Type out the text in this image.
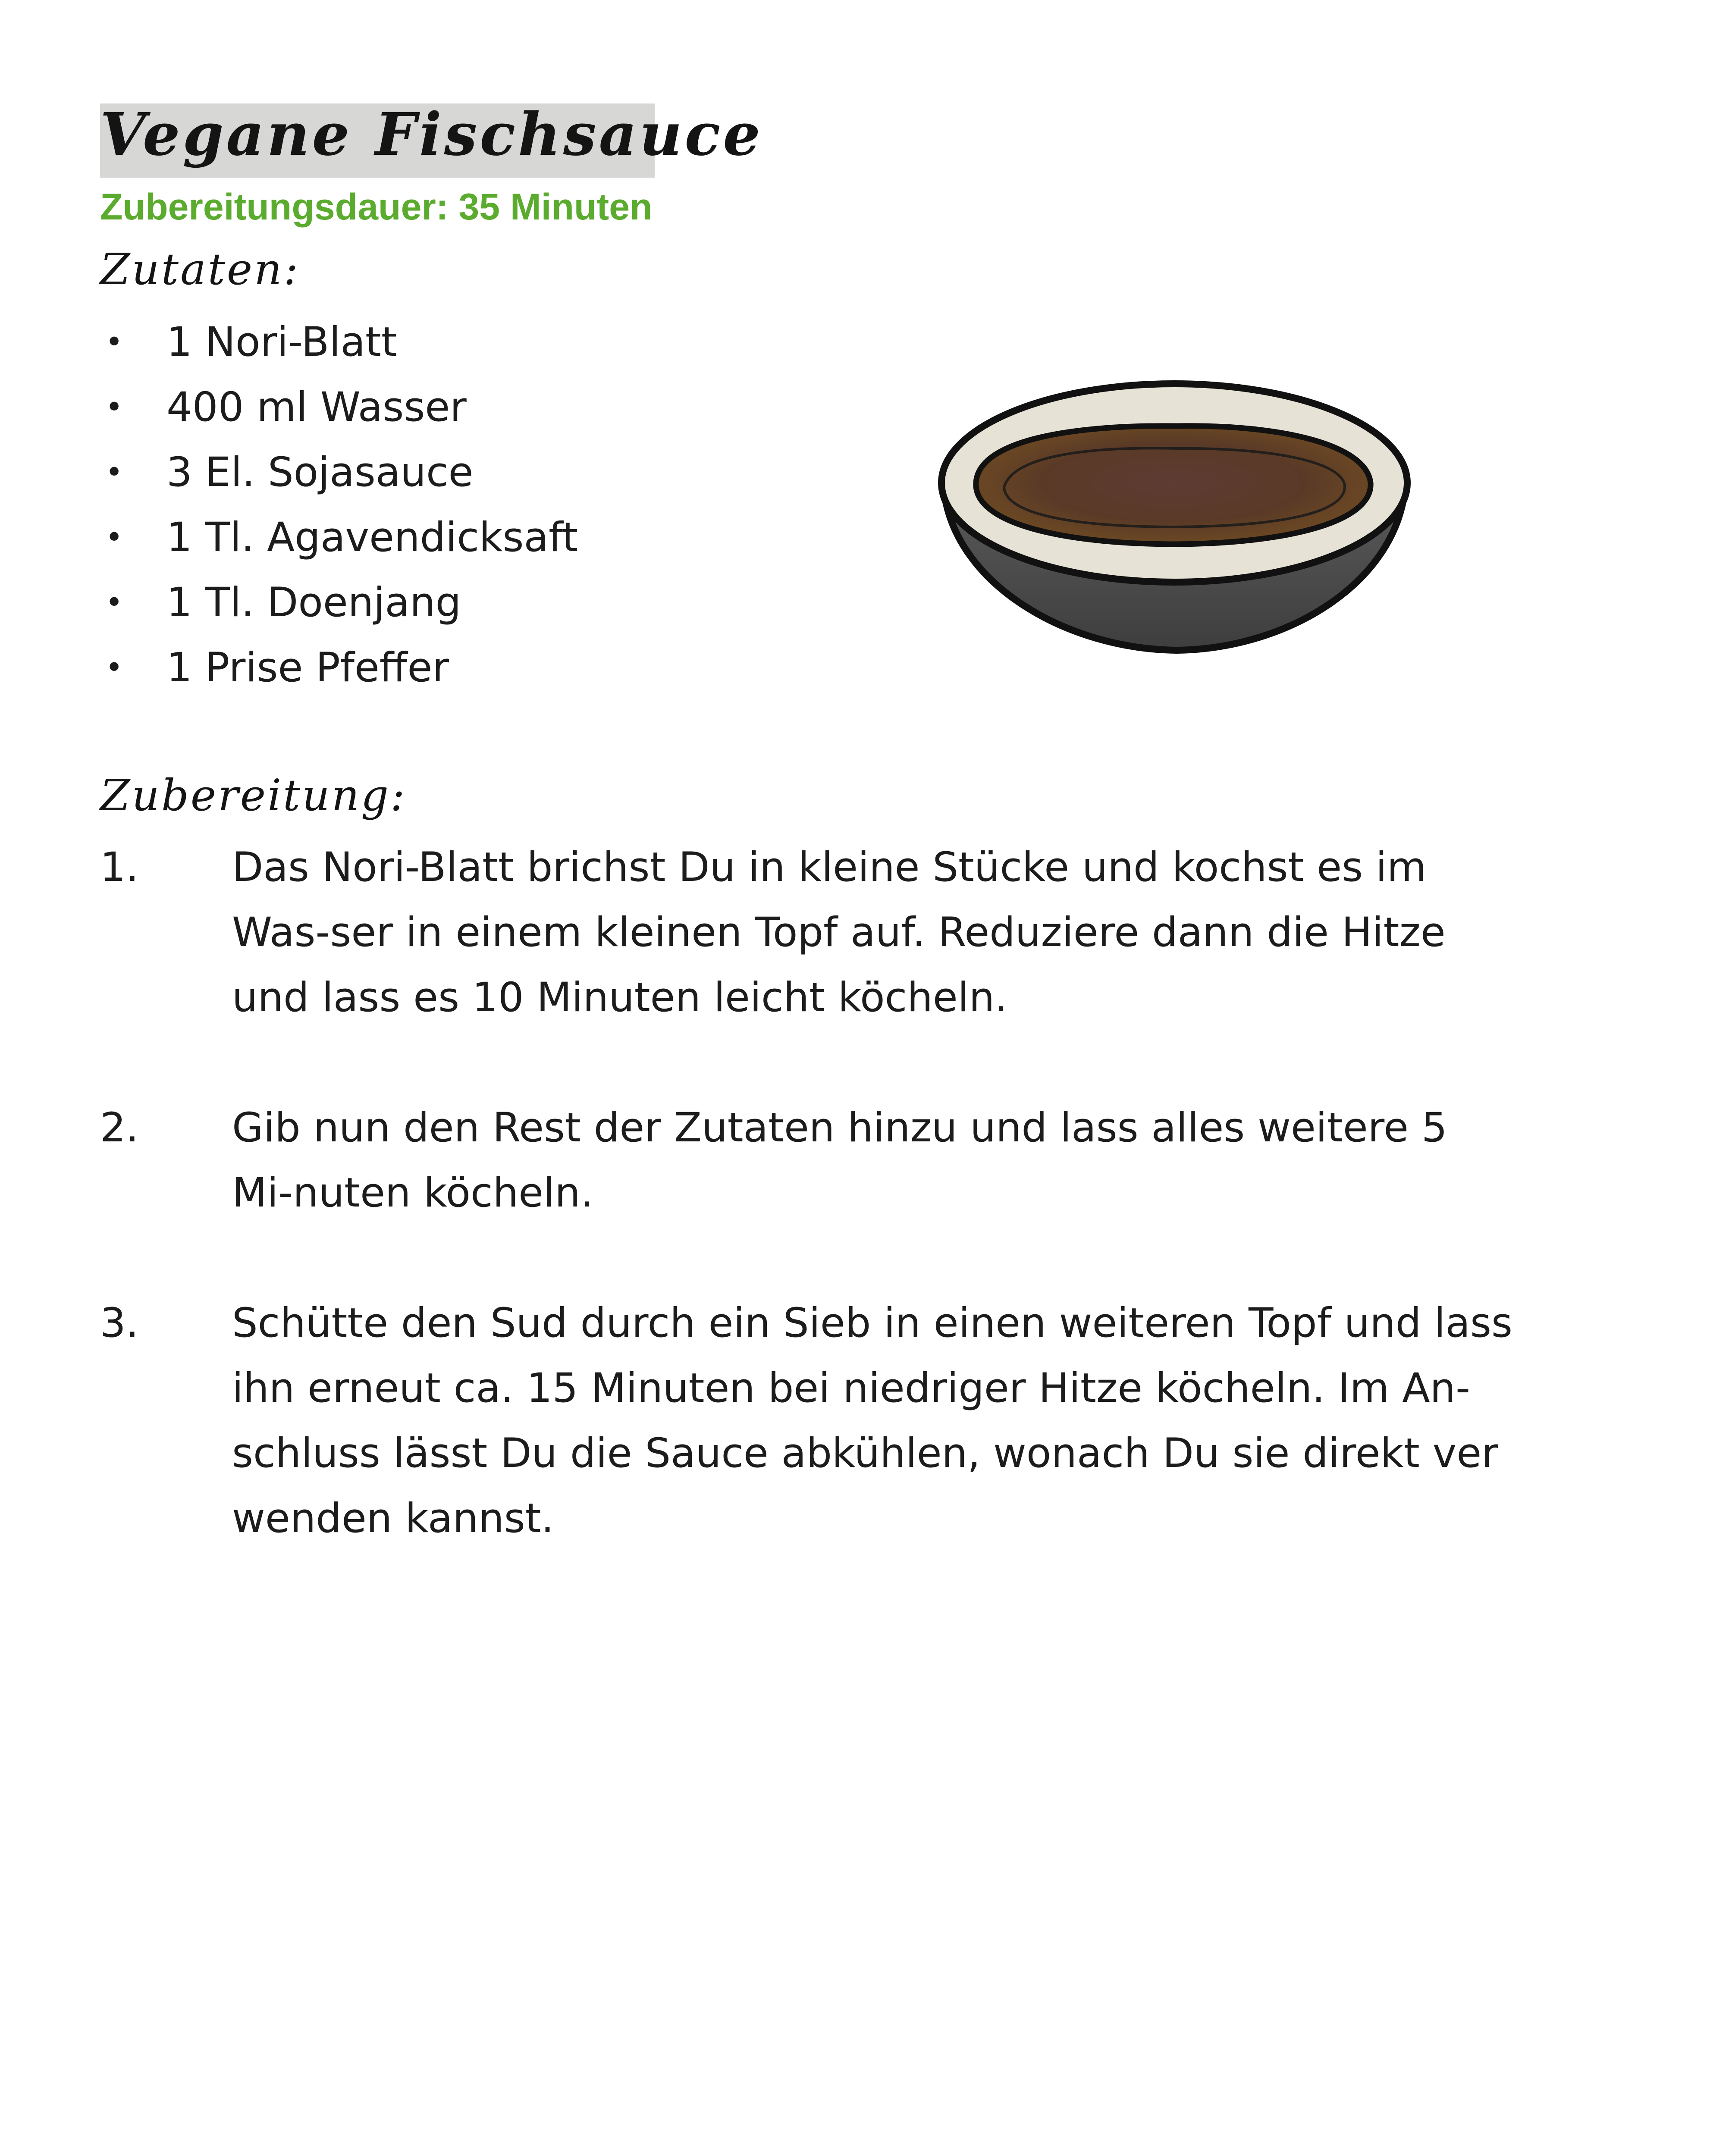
Vegane Fischsauce
Zubereitungsdauer: 35 Minuten
Zutaten:
• 1 Nori-Blatt
• 400 ml Wasser
• 3 El. Sojasauce
• 1 Tl. Agavendicksaft
• 1 Tl. Doenjang
• 1 Prise Pfeffer
Zubereitung:
1. Das Nori-Blatt brichst Du in kleine Stücke und kochst es im Was-ser in einem kleinen Topf auf. Reduziere dann die Hitze und lass es 10 Minuten leicht köcheln.
2. Gib nun den Rest der Zutaten hinzu und lass alles weitere 5 Mi-nuten köcheln.
3. Schütte den Sud durch ein Sieb in einen weiteren Topf und lass ihn erneut ca. 15 Minuten bei niedriger Hitze köcheln. Im An-schluss lässt Du die Sauce abkühlen, wonach Du sie direkt ver wenden kannst.
